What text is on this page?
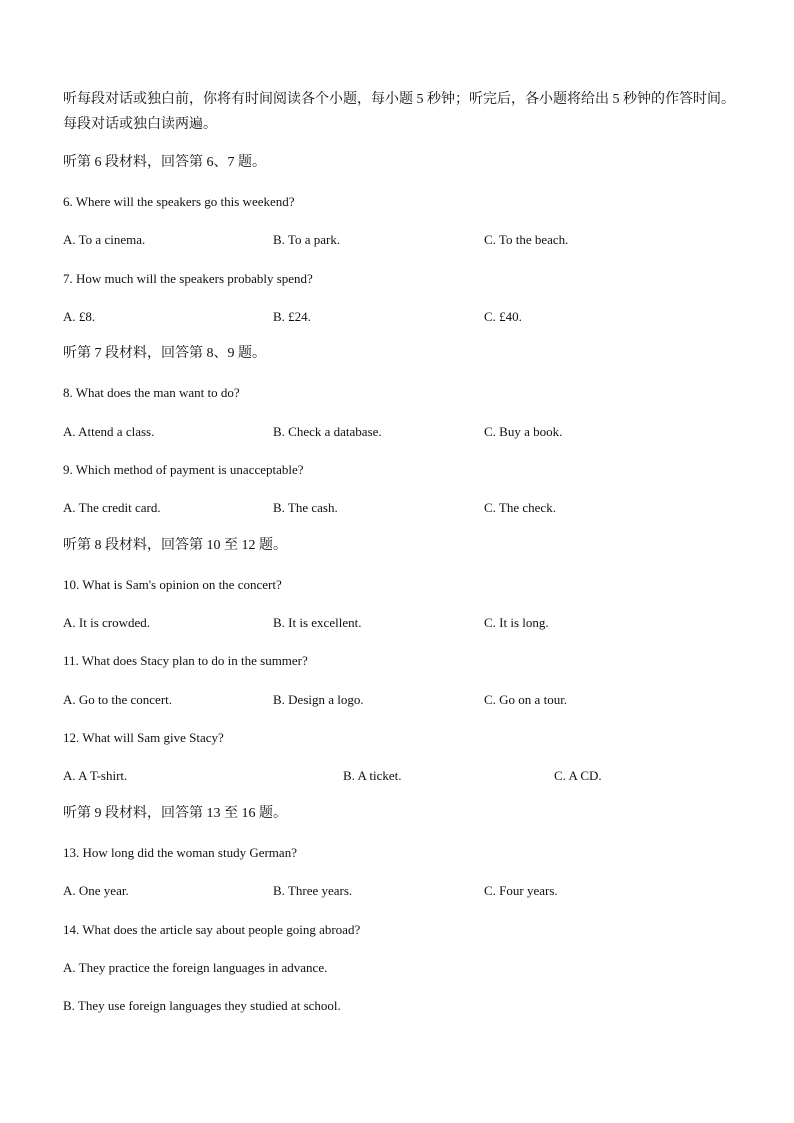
听每段对话或独白前，你将有时间阅读各个小题，每小题 5 秒钟；听完后，各小题将给出 5 秒钟的作答时间。
每段对话或独白读两遍。
听第 6 段材料，回答第 6、7 题。
6. Where will the speakers go this weekend?
A. To a cinema.	B. To a park.	C. To the beach.
7. How much will the speakers probably spend?
A. £8.	B. £24.	C. £40.
听第 7 段材料，回答第 8、9 题。
8. What does the man want to do?
A. Attend a class.	B. Check a database.	C. Buy a book.
9. Which method of payment is unacceptable?
A. The credit card.	B. The cash.	C. The check.
听第 8 段材料，回答第 10 至 12 题。
10. What is Sam's opinion on the concert?
A. It is crowded.	B. It is excellent.	C. It is long.
11. What does Stacy plan to do in the summer?
A. Go to the concert.	B. Design a logo.	C. Go on a tour.
12. What will Sam give Stacy?
A. A T-shirt.	B. A ticket.	C. A CD.
听第 9 段材料，回答第 13 至 16 题。
13. How long did the woman study German?
A. One year.	B. Three years.	C. Four years.
14. What does the article say about people going abroad?
A. They practice the foreign languages in advance.
B. They use foreign languages they studied at school.
